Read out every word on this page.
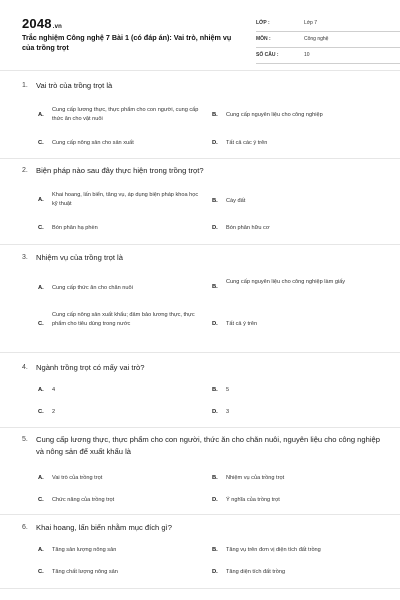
2048.vn
Trắc nghiệm Công nghệ 7 Bài 1 (có đáp án): Vai trò, nhiệm vụ của trồng trọt
LỚP :	Lớp 7
MÔN :	Công nghệ
SỐ CÂU :	10
1. Vai trò của trồng trọt là
A.
Cung cấp lương thực, thực phẩm cho con người, cung cấp thức ăn cho vật nuôi
B. Cung cấp nguyên liệu cho công nghiệp
C. Cung cấp nông sản cho sản xuất	D. Tất cả các ý trên
2. Biện pháp nào sau đây thực hiện trong trồng trọt?
A.
Khai hoang, lấn biển, tăng vụ, áp dụng biện pháp khoa học kỹ thuật	B. Cày đất
C. Bón phân hạ phèn	D. Bón phân hữu cơ
3. Nhiệm vụ của trồng trọt là
A. Cung cấp thức ăn cho chăn nuôi	B.
Cung cấp nguyên liệu cho công nghiệp làm giấy
C.
Cung cấp nông sản xuất khẩu; đảm bảo lương thực, thực phẩm cho tiêu dùng trong nước	D. Tất cả ý trên
4. Ngành trồng trọt có mấy vai trò?
A. 4	B. 5
C. 2	D. 3
5. Cung cấp lương thực, thực phẩm cho con người, thức ăn cho chăn nuôi, nguyên liệu cho công nghiệp và nông sản để xuất khẩu là
A. Vai trò của trồng trọt	B. Nhiệm vụ của trồng trọt
C. Chức năng của trồng trọt	D. Ý nghĩa của trồng trọt
6. Khai hoang, lấn biển nhằm mục đích gì?
A. Tăng sản lượng nông sản	B. Tăng vụ trên đơn vị diện tích đất trồng
C. Tăng chất lượng nông sản	D. Tăng diện tích đất trồng
